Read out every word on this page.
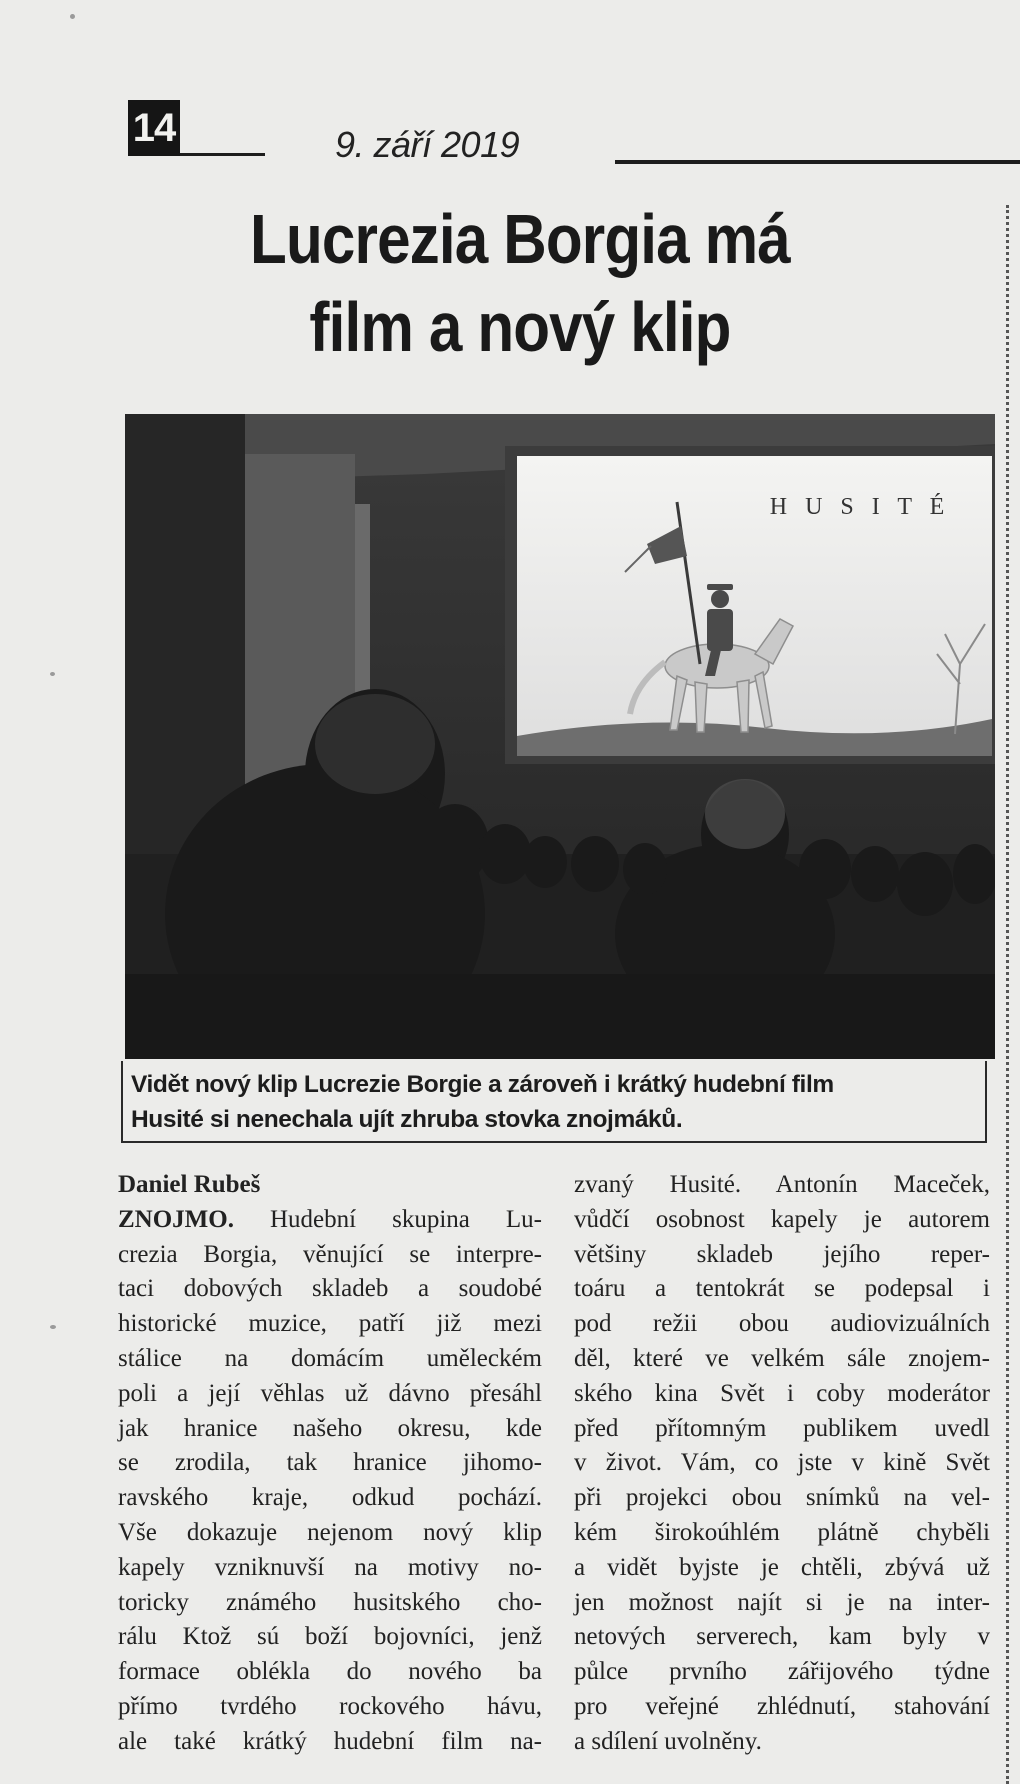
14	9. září 2019
Lucrezia Borgia má
film a nový klip
H U S I T É

Vidět nový klip Lucrezie Borgie a zároveň i krátký hudební film

Husité si nenechala ujít zhruba stovka znojmáků.

Daniel Rubeš
ZNOJMO. Hudební skupina Lu-
crezia Borgia, věnující se interpre-
taci dobových skladeb a soudobé
historické muzice, patří již mezi
stálice na domácím uměleckém
poli a její věhlas už dávno přesáhl
jak hranice našeho okresu, kde
se zrodila, tak hranice jihomo-
ravského kraje, odkud pochází.
Vše dokazuje nejenom nový klip
kapely vzniknuvší na motivy no-
toricky známého husitského cho-
rálu Ktož sú boží bojovníci, jenž
formace oblékla do nového ba
přímo tvrdého rockového hávu,
ale také krátký hudební film na-
zvaný Husité. Antonín Maceček,
vůdčí osobnost kapely je autorem
většiny skladeb jejího reper-
toáru a tentokrát se podepsal i
pod režii obou audiovizuálních
děl, které ve velkém sále znojem-
ského kina Svět i coby moderátor
před přítomným publikem uvedl
v život. Vám, co jste v kině Svět
při projekci obou snímků na vel-
kém širokoúhlém plátně chyběli
a vidět byjste je chtěli, zbývá už
jen možnost najít si je na inter-
netových serverech, kam byly v
půlce prvního zářijového týdne
pro veřejné zhlédnutí, stahování
a sdílení uvolněny.
